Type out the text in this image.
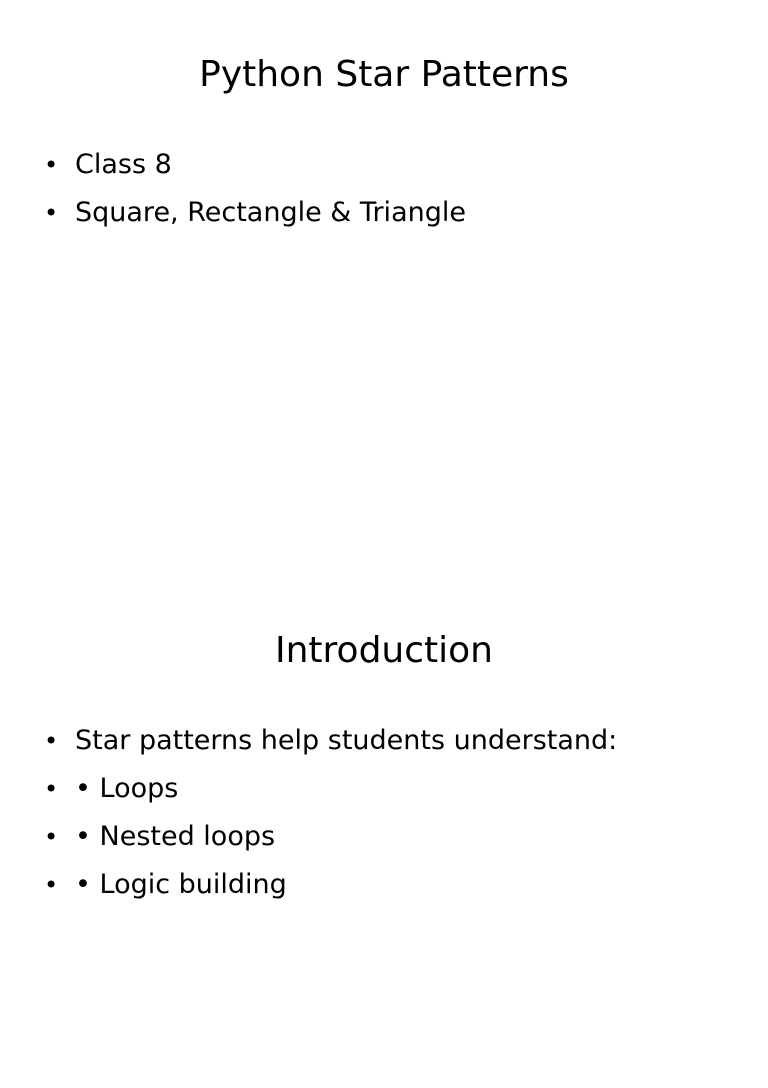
Python Star Patterns
• Class 8
• Square, Rectangle & Triangle
Introduction
• Star patterns help students understand:
• • Loops
• • Nested loops
• • Logic building
